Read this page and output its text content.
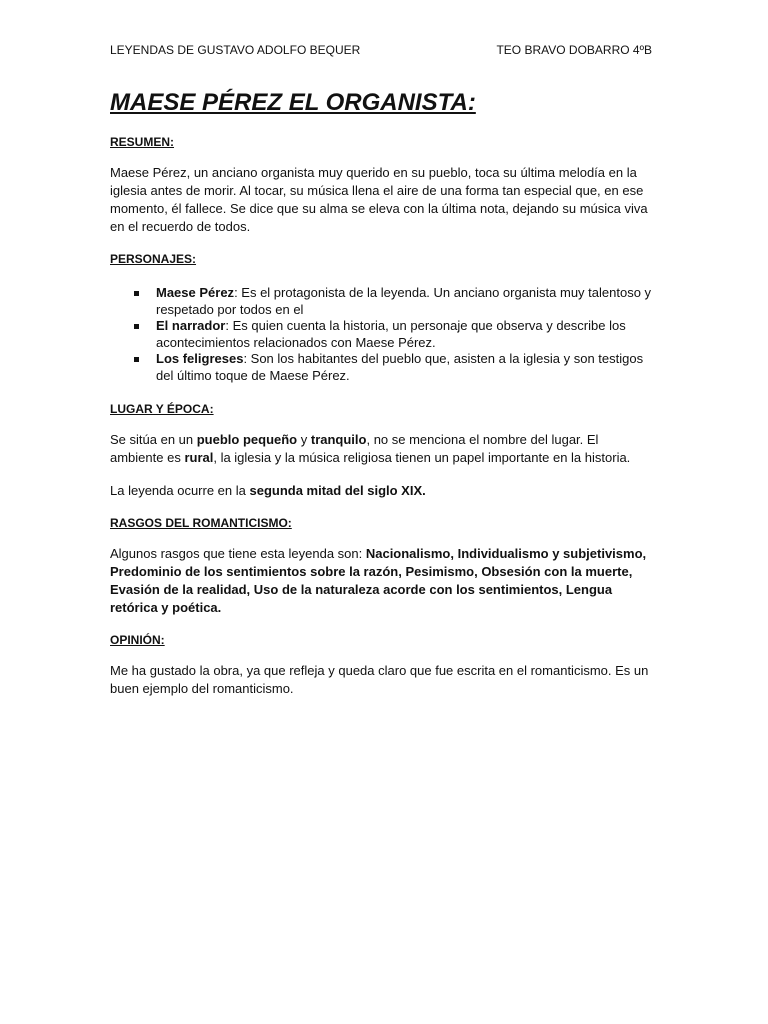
LEYENDAS DE GUSTAVO ADOLFO BEQUER	TEO BRAVO DOBARRO 4ºB
MAESE PÉREZ EL ORGANISTA:
RESUMEN:

Maese Pérez, un anciano organista muy querido en su pueblo, toca su última melodía en la iglesia antes de morir. Al tocar, su música llena el aire de una forma tan especial que, en ese momento, él fallece. Se dice que su alma se eleva con la última nota, dejando su música viva en el recuerdo de todos.

PERSONAJES:
Maese Pérez: Es el protagonista de la leyenda. Un anciano organista muy talentoso y respetado por todos en el
El narrador: Es quien cuenta la historia, un personaje que observa y describe los acontecimientos relacionados con Maese Pérez.
Los feligreses: Son los habitantes del pueblo que, asisten a la iglesia y son testigos del último toque de Maese Pérez.
LUGAR Y ÉPOCA:

Se sitúa en un pueblo pequeño y tranquilo, no se menciona el nombre del lugar. El ambiente es rural, la iglesia y la música religiosa tienen un papel importante en la historia.

La leyenda ocurre en la segunda mitad del siglo XIX.

RASGOS DEL ROMANTICISMO:

Algunos rasgos que tiene esta leyenda son: Nacionalismo, Individualismo y subjetivismo, Predominio de los sentimientos sobre la razón, Pesimismo, Obsesión con la muerte, Evasión de la realidad, Uso de la naturaleza acorde con los sentimientos, Lengua retórica y poética.

OPINIÓN:

Me ha gustado la obra, ya que refleja y queda claro que fue escrita en el romanticismo. Es un buen ejemplo del romanticismo.
